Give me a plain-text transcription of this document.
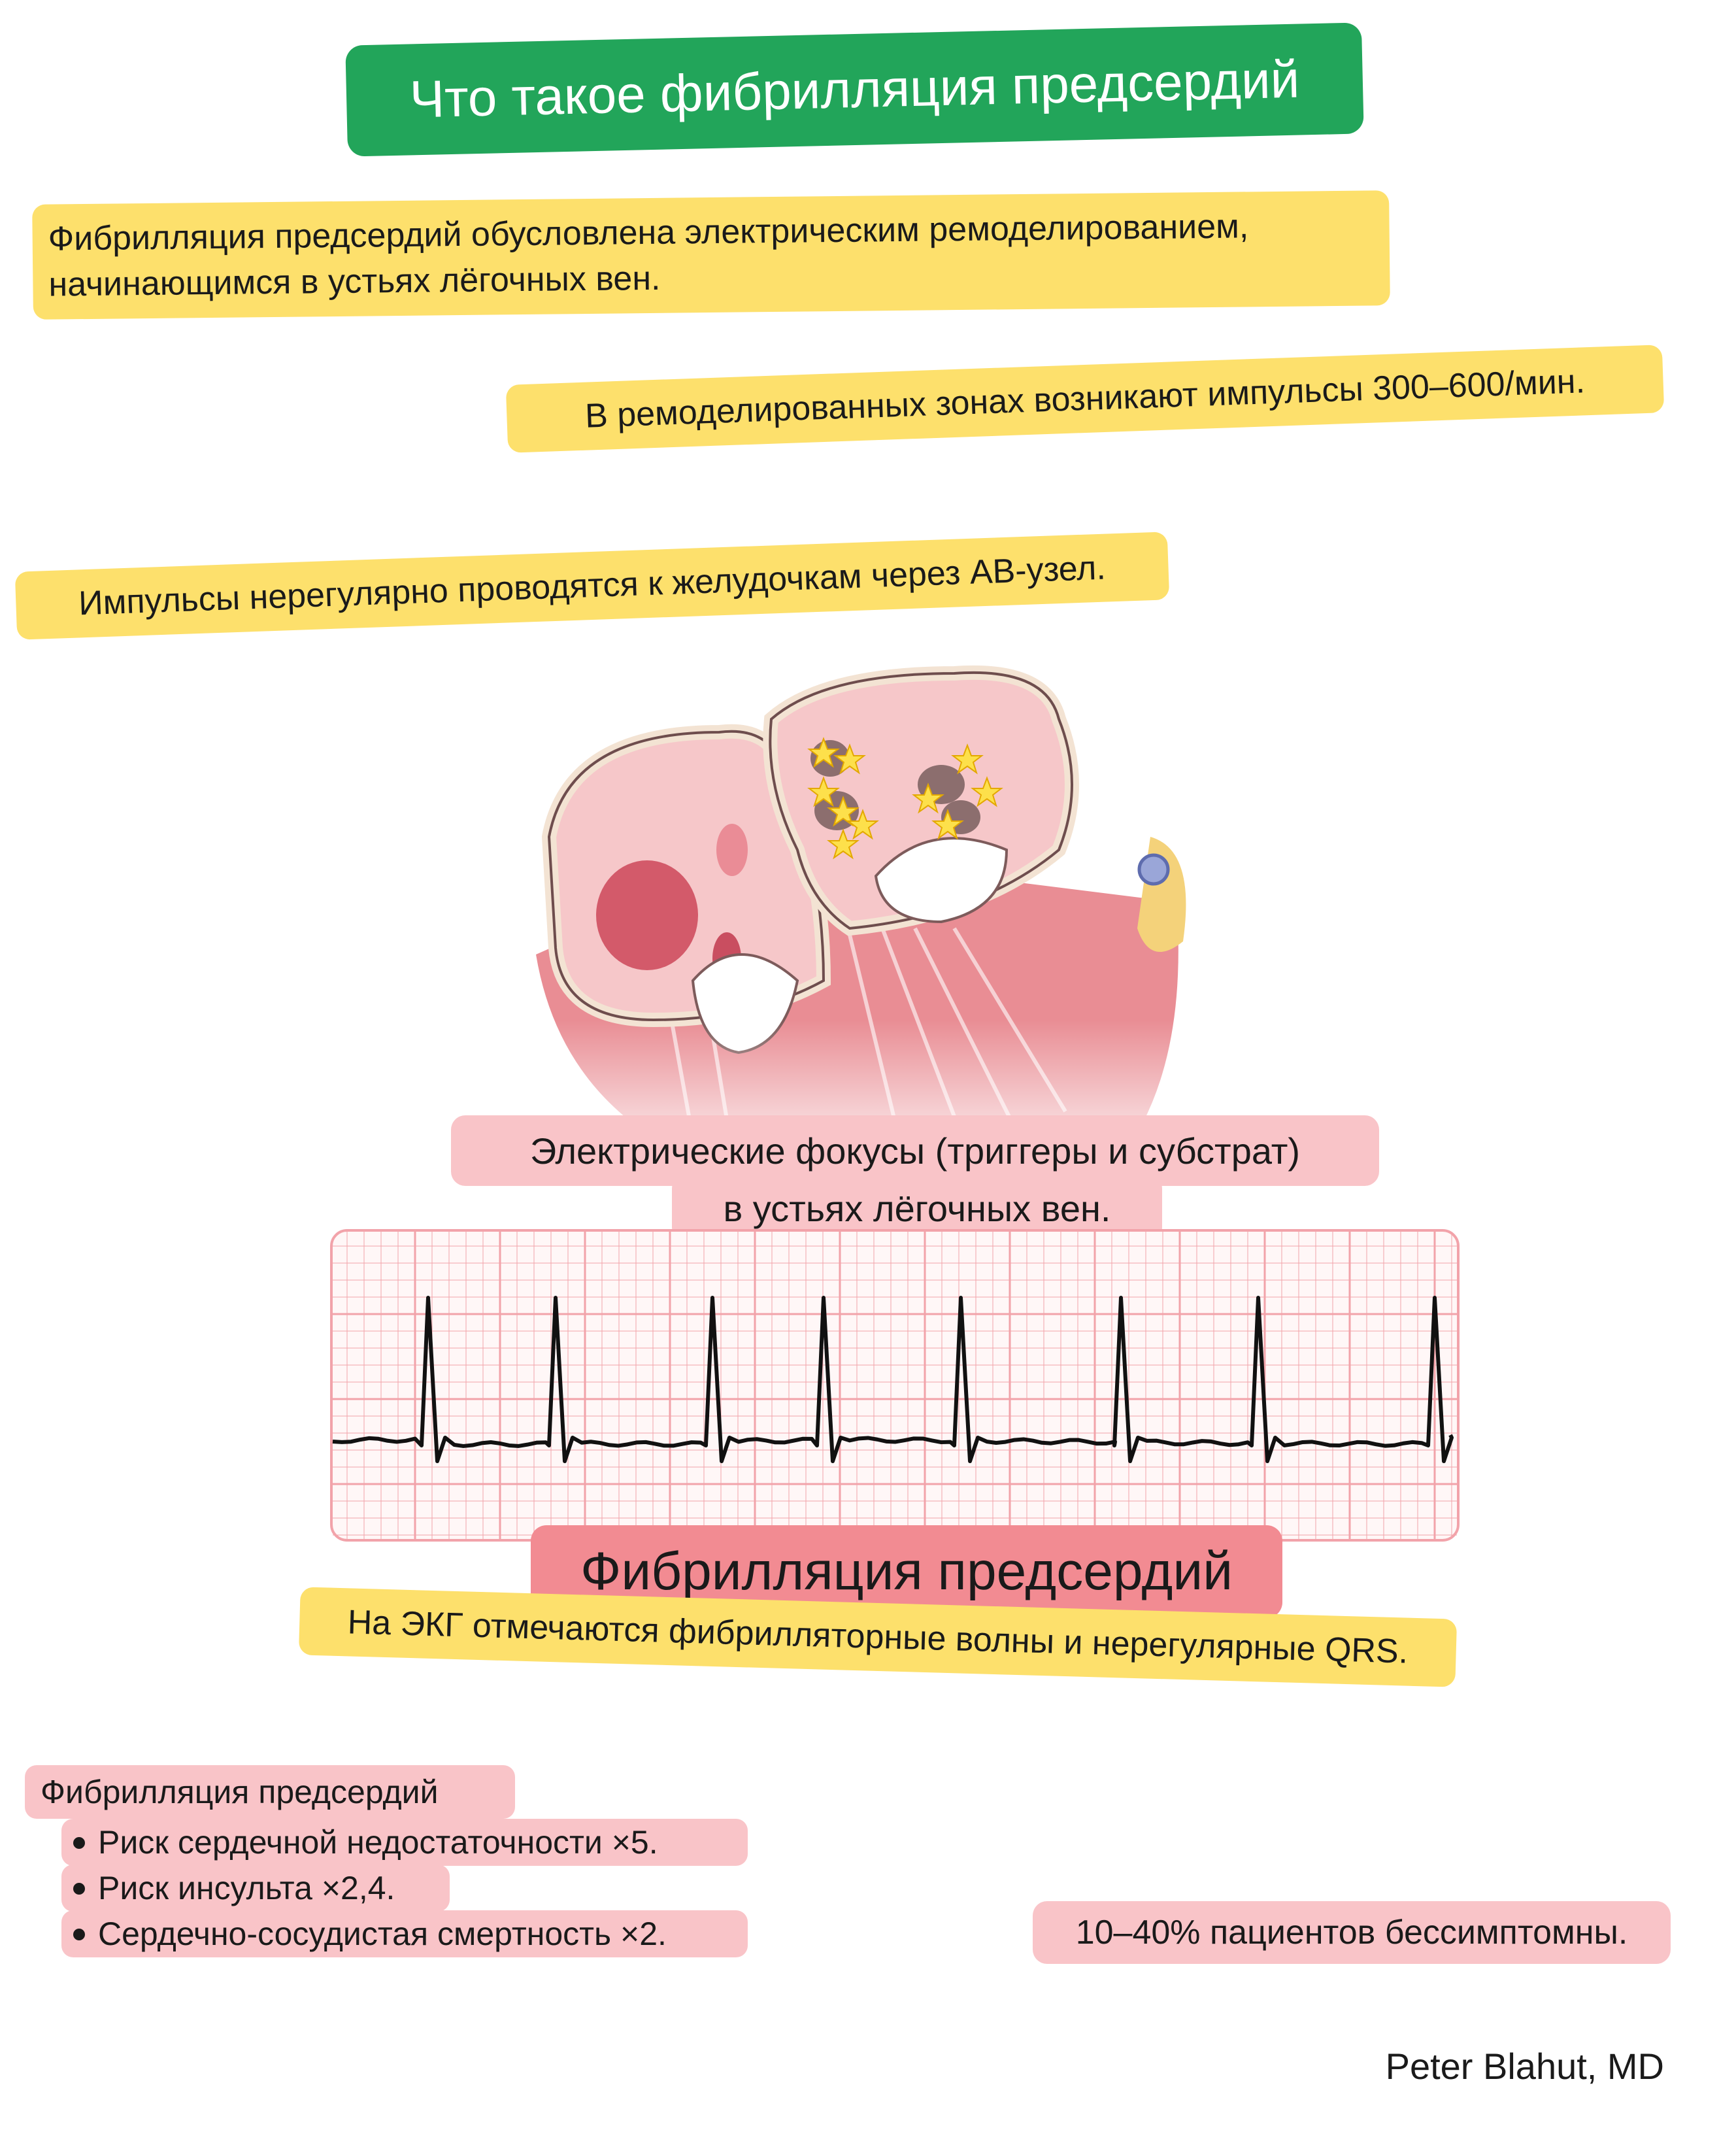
Что такое фибрилляция предсердий
Фибрилляция предсердий обусловлена электрическим ремоделированием,
начинающимся в устьях лёгочных вен.
В ремоделированных зонах возникают импульсы 300–600/мин.
Импульсы нерегулярно проводятся к желудочкам через АВ-узел.
Электрические фокусы (триггеры и субстрат)
в устьях лёгочных вен.
Фибрилляция предсердий
На ЭКГ отмечаются фибрилляторные волны и нерегулярные QRS.
Фибрилляция предсердий
Риск сердечной недостаточности ×5.
Риск инсульта ×2,4.
Сердечно-сосудистая смертность ×2.	10–40% пациентов бессимптомны.
Peter Blahut, MD
